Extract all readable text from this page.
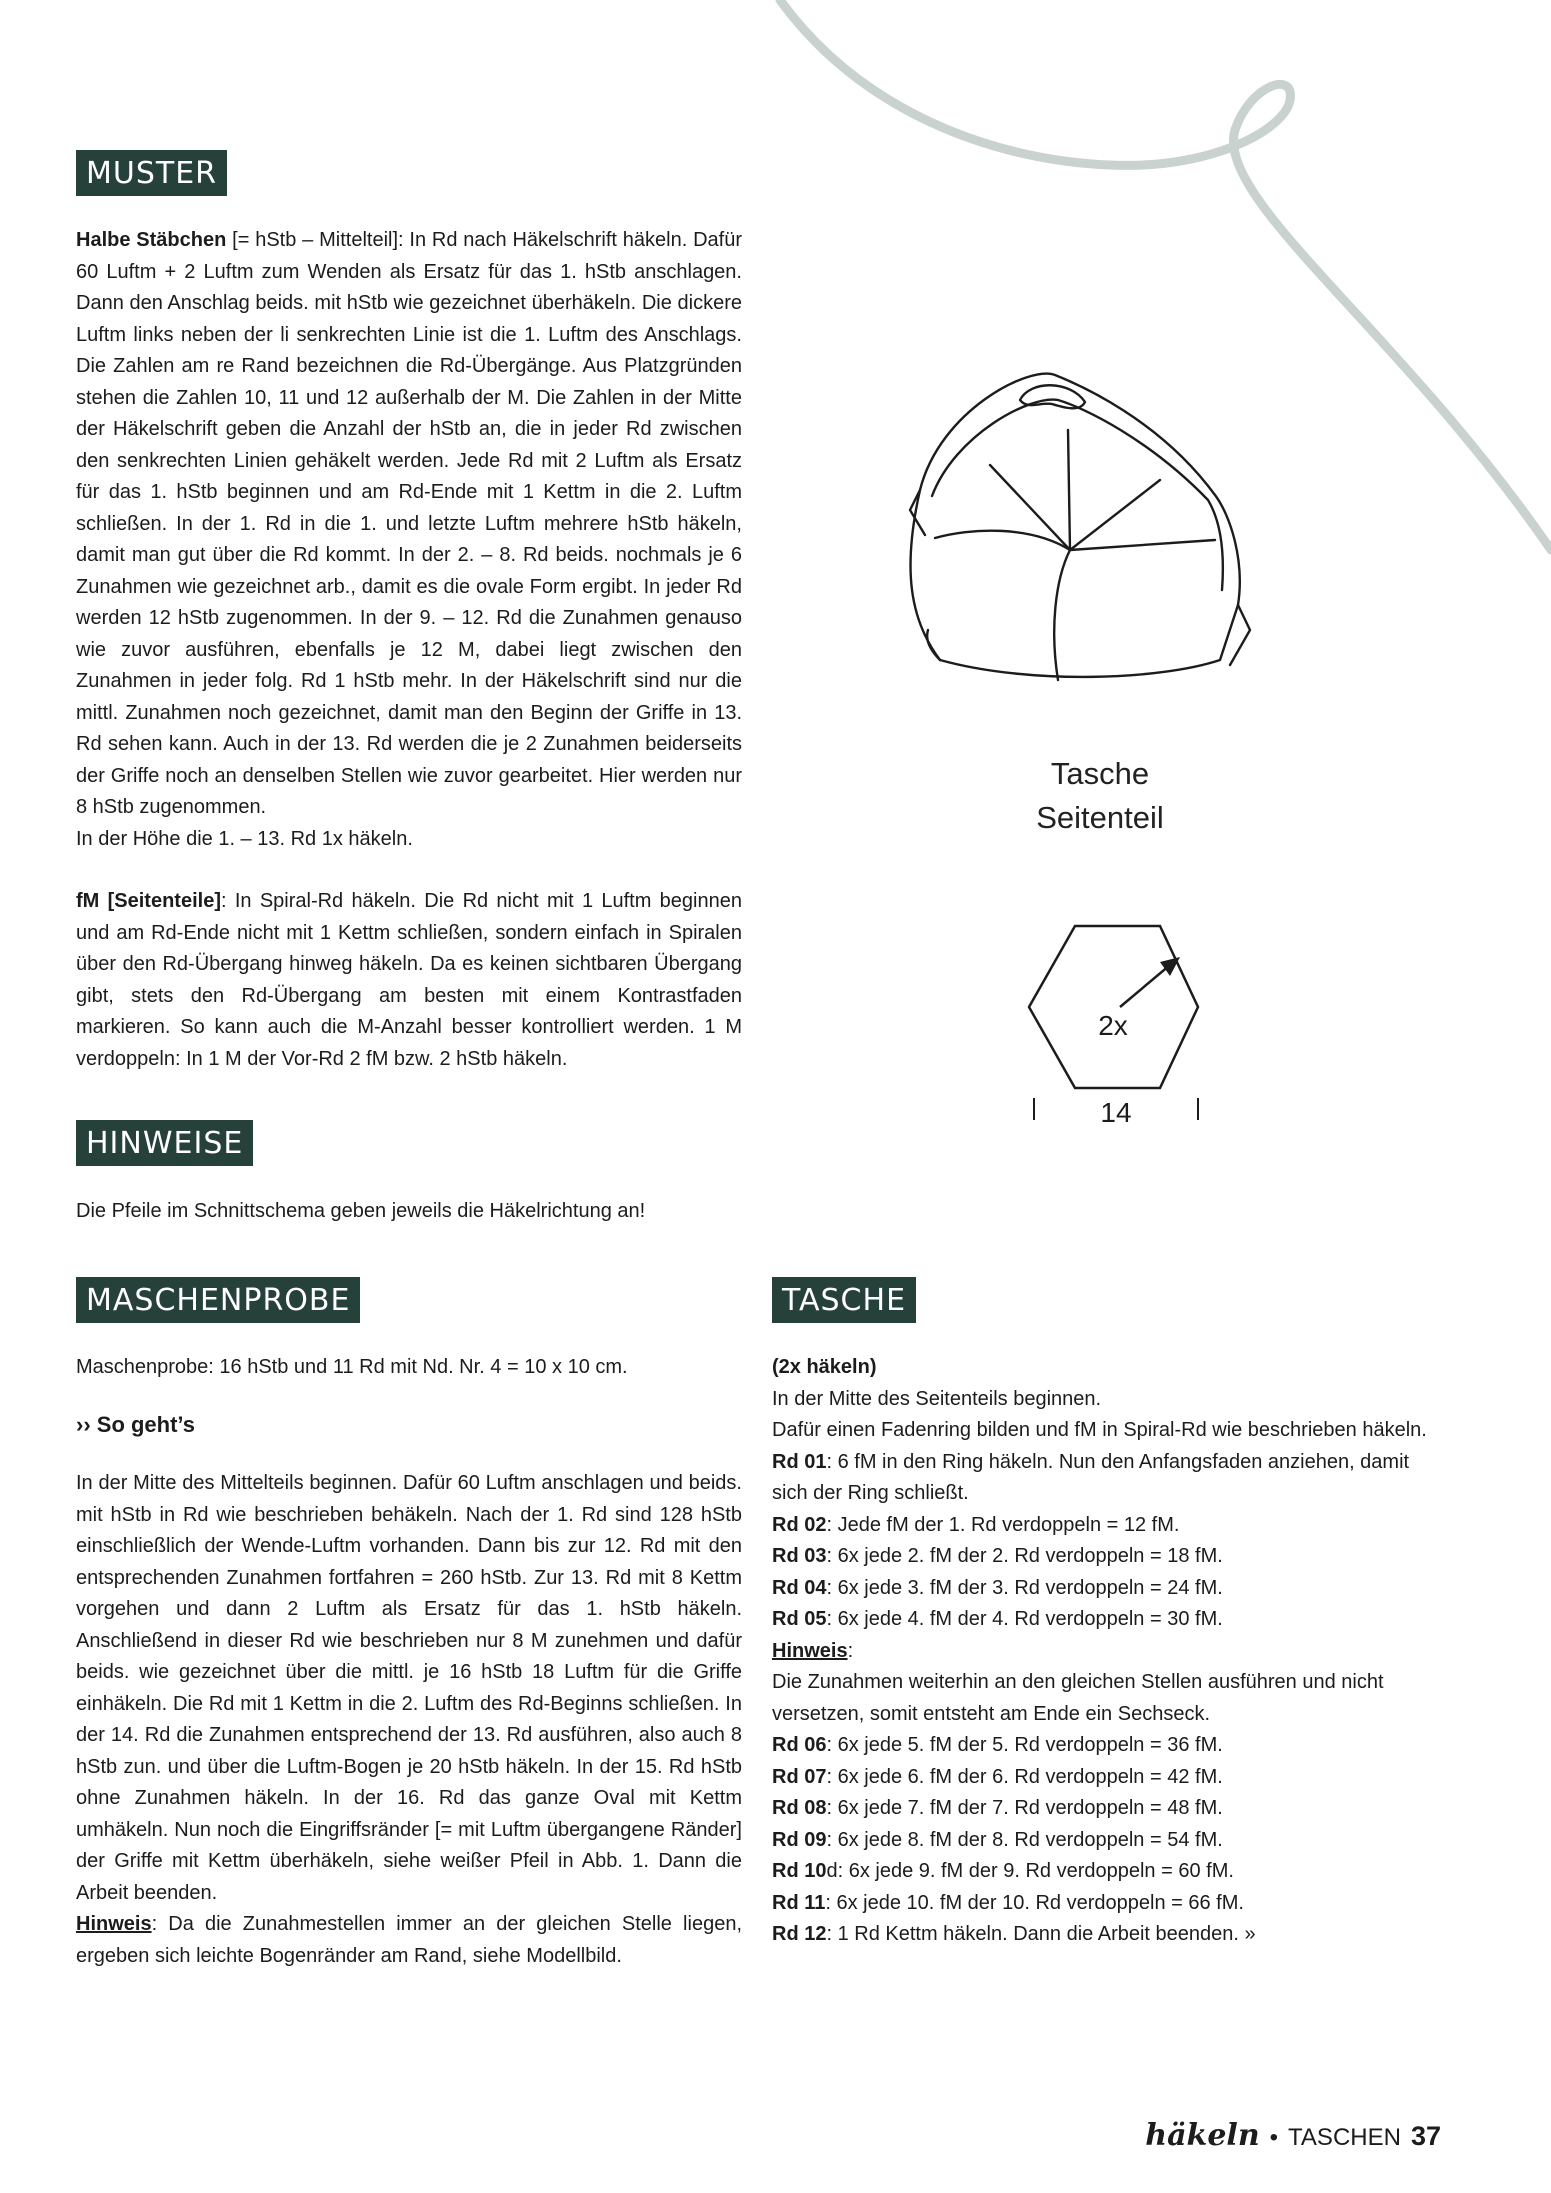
MUSTER

Halbe Stäbchen [= hStb – Mittelteil]: In Rd nach Häkelschrift häkeln. Dafür 60 Luftm + 2 Luftm zum Wenden als Ersatz für das 1. hStb anschlagen. Dann den Anschlag beids. mit hStb wie gezeichnet überhäkeln. Die dickere Luftm links neben der li senkrechten Linie ist die 1. Luftm des Anschlags. Die Zahlen am re Rand bezeichnen die Rd-Übergänge. Aus Platzgründen stehen die Zahlen 10, 11 und 12 außerhalb der M. Die Zahlen in der Mitte der Häkelschrift geben die Anzahl der hStb an, die in jeder Rd zwischen den senkrechten Linien gehäkelt werden. Jede Rd mit 2 Luftm als Ersatz für das 1. hStb beginnen und am Rd-Ende mit 1 Kettm in die 2. Luftm schließen. In der 1. Rd in die 1. und letzte Luftm mehrere hStb häkeln, damit man gut über die Rd kommt. In der 2. – 8. Rd beids. nochmals je 6 Zunahmen wie gezeichnet arb., damit es die ovale Form ergibt. In jeder Rd werden 12 hStb zugenommen. In der 9. – 12. Rd die Zunahmen genauso wie zuvor ausführen, ebenfalls je 12 M, dabei liegt zwischen den Zunahmen in jeder folg. Rd 1 hStb mehr. In der Häkelschrift sind nur die mittl. Zunahmen noch gezeichnet, damit man den Beginn der Griffe in 13. Rd sehen kann. Auch in der 13. Rd werden die je 2 Zunahmen beiderseits der Griffe noch an denselben Stellen wie zuvor gearbeitet. Hier werden nur 8 hStb zugenommen.

In der Höhe die 1. – 13. Rd 1x häkeln.

fM [Seitenteile]: In Spiral-Rd häkeln. Die Rd nicht mit 1 Luftm beginnen und am Rd-Ende nicht mit 1 Kettm schließen, sondern einfach in Spiralen über den Rd-Übergang hinweg häkeln. Da es keinen sichtbaren Übergang gibt, stets den Rd-Übergang am besten mit einem Kontrastfaden markieren. So kann auch die M-Anzahl besser kontrolliert werden. 1 M verdoppeln: In 1 M der Vor-Rd 2 fM bzw. 2 hStb häkeln.

Tasche
Seitenteil
2x
14
HINWEISE
Die Pfeile im Schnittschema geben jeweils die Häkelrichtung an!
MASCHENPROBE

Maschenprobe: 16 hStb und 11 Rd mit Nd. Nr. 4 = 10 x 10 cm.

›› So geht’s

In der Mitte des Mittelteils beginnen. Dafür 60 Luftm anschlagen und beids. mit hStb in Rd wie beschrieben behäkeln. Nach der 1. Rd sind 128 hStb einschließlich der Wende-Luftm vorhanden. Dann bis zur 12. Rd mit den entsprechenden Zunahmen fortfahren = 260 hStb. Zur 13. Rd mit 8 Kettm vorgehen und dann 2 Luftm als Ersatz für das 1. hStb häkeln. Anschließend in dieser Rd wie beschrieben nur 8 M zunehmen und dafür beids. wie gezeichnet über die mittl. je 16 hStb 18 Luftm für die Griffe einhäkeln. Die Rd mit 1 Kettm in die 2. Luftm des Rd-Beginns schließen. In der 14. Rd die Zunahmen entsprechend der 13. Rd ausführen, also auch 8 hStb zun. und über die Luftm-Bogen je 20 hStb häkeln. In der 15. Rd hStb ohne Zunahmen häkeln. In der 16. Rd das ganze Oval mit Kettm umhäkeln. Nun noch die Eingriffsränder [= mit Luftm übergangene Ränder] der Griffe mit Kettm überhäkeln, siehe weißer Pfeil in Abb. 1. Dann die Arbeit beenden.

Hinweis: Da die Zunahmestellen immer an der gleichen Stelle liegen, ergeben sich leichte Bogenränder am Rand, siehe Modellbild.

TASCHE

(2x häkeln)

In der Mitte des Seitenteils beginnen.

Dafür einen Fadenring bilden und fM in Spiral-Rd wie beschrieben häkeln.

Rd 01: 6 fM in den Ring häkeln. Nun den Anfangsfaden anziehen, damit sich der Ring schließt.

Rd 02: Jede fM der 1. Rd verdoppeln = 12 fM.

Rd 03: 6x jede 2. fM der 2. Rd verdoppeln = 18 fM.

Rd 04: 6x jede 3. fM der 3. Rd verdoppeln = 24 fM.

Rd 05: 6x jede 4. fM der 4. Rd verdoppeln = 30 fM.

Hinweis:

Die Zunahmen weiterhin an den gleichen Stellen ausführen und nicht versetzen, somit entsteht am Ende ein Sechseck.

Rd 06: 6x jede 5. fM der 5. Rd verdoppeln = 36 fM.

Rd 07: 6x jede 6. fM der 6. Rd verdoppeln = 42 fM.

Rd 08: 6x jede 7. fM der 7. Rd verdoppeln = 48 fM.

Rd 09: 6x jede 8. fM der 8. Rd verdoppeln = 54 fM.

Rd 10d: 6x jede 9. fM der 9. Rd verdoppeln = 60 fM.

Rd 11: 6x jede 10. fM der 10. Rd verdoppeln = 66 fM.

Rd 12: 1 Rd Kettm häkeln. Dann die Arbeit beenden. »

häkeln • TASCHEN 37
